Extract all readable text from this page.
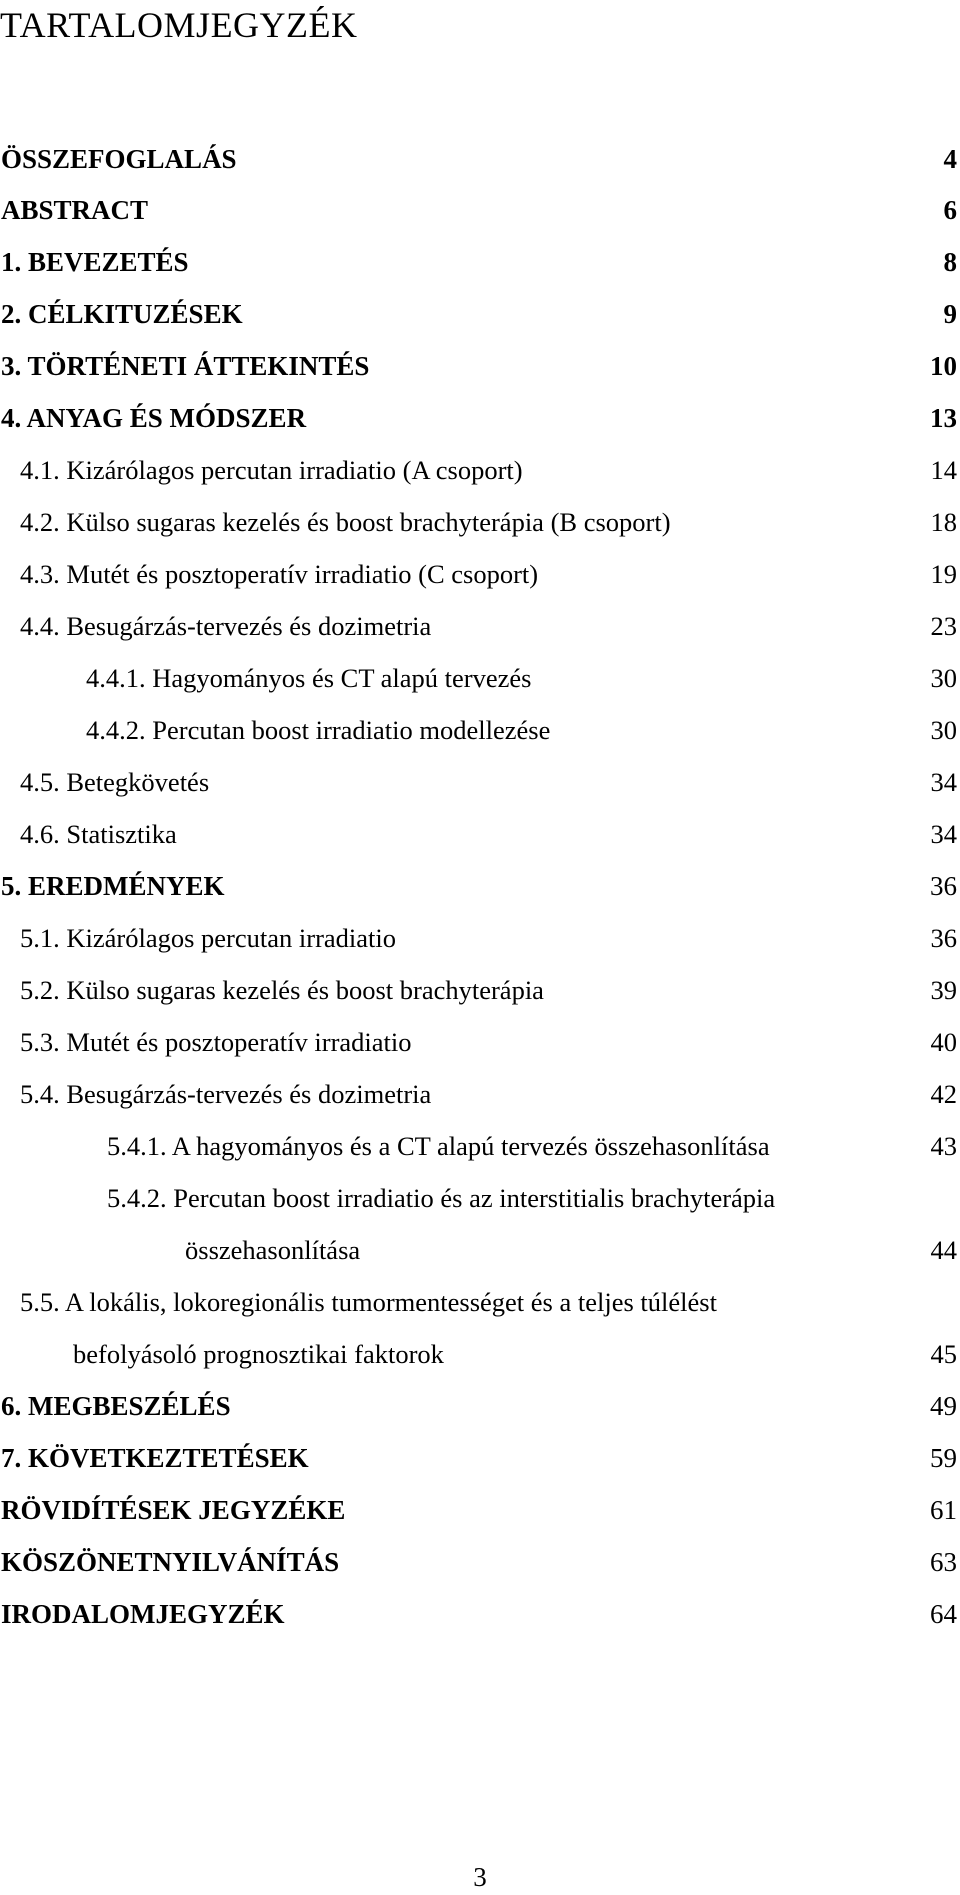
TARTALOMJEGYZÉK
ÖSSZEFOGLALÁS	4
ABSTRACT	6
1. BEVEZETÉS	8
2. CÉLKITUZÉSEK	9
3. TÖRTÉNETI ÁTTEKINTÉS	10
4. ANYAG ÉS MÓDSZER	13
4.1. Kizárólagos percutan irradiatio (A csoport)	14
4.2. Külso sugaras kezelés és boost brachyterápia (B csoport)	18
4.3. Mutét és posztoperatív irradiatio (C csoport)	19
4.4. Besugárzás-tervezés és dozimetria	23
4.4.1. Hagyományos és CT alapú tervezés	30
4.4.2. Percutan boost irradiatio modellezése	30
4.5. Betegkövetés	34
4.6. Statisztika	34
5. EREDMÉNYEK	36
5.1. Kizárólagos percutan irradiatio	36
5.2. Külso sugaras kezelés és boost brachyterápia	39
5.3. Mutét és posztoperatív irradiatio	40
5.4. Besugárzás-tervezés és dozimetria	42
5.4.1. A hagyományos és a CT alapú tervezés összehasonlítása	43
5.4.2. Percutan boost irradiatio és az interstitialis brachyterápia
összehasonlítása	44
5.5. A lokális, lokoregionális tumormentességet és a teljes túlélést
befolyásoló prognosztikai faktorok	45
6. MEGBESZÉLÉS	49
7. KÖVETKEZTETÉSEK	59
RÖVIDÍTÉSEK JEGYZÉKE	61
KÖSZÖNETNYILVÁNÍTÁS	63
IRODALOMJEGYZÉK	64
3
